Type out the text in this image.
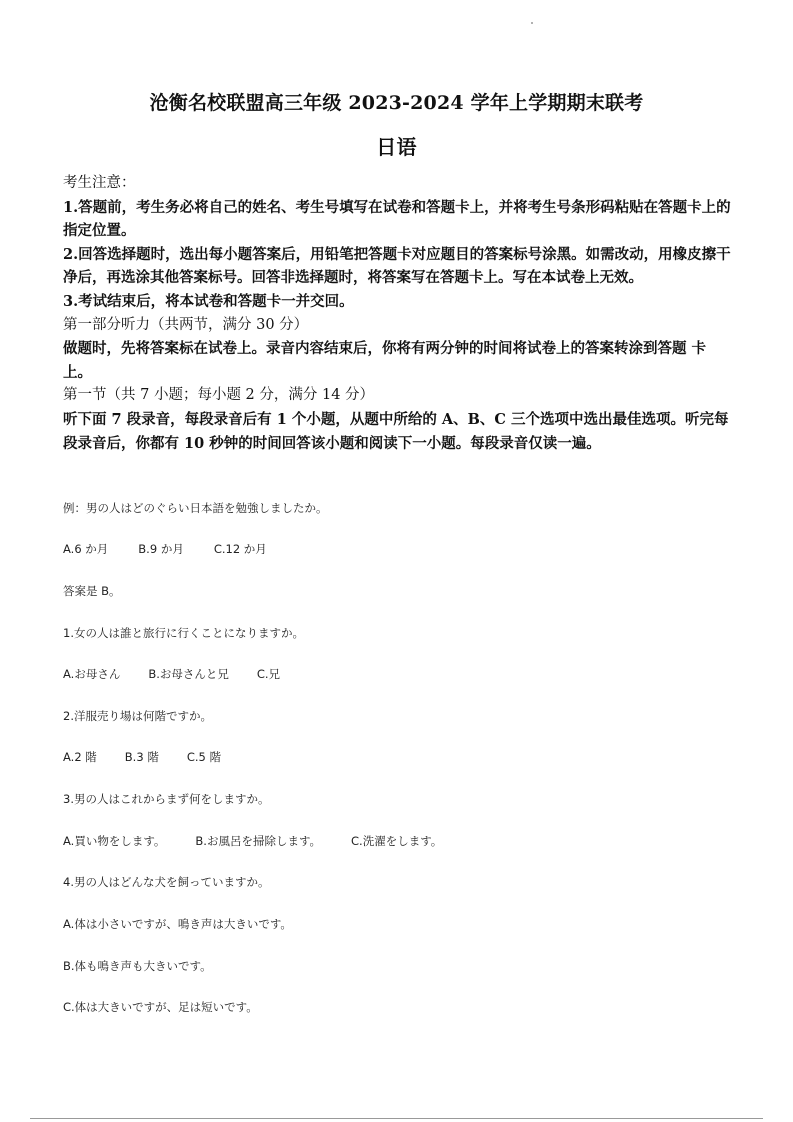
沧衡名校联盟高三年级 2023-2024 学年上学期期末联考
日语

考生注意：

1.答题前，考生务必将自己的姓名、考生号填写在试卷和答题卡上，并将考生号条形码粘贴在答题卡上的指定位置。

2.回答选择题时，选出每小题答案后，用铅笔把答题卡对应题目的答案标号涂黑。如需改动，用橡皮擦干净后，再选涂其他答案标号。回答非选择题时，将答案写在答题卡上。写在本试卷上无效。

3.考试结束后，将本试卷和答题卡一并交回。

第一部分听力（共两节，满分 30 分）

做题时，先将答案标在试卷上。录音内容结束后，你将有两分钟的时间将试卷上的答案转涂到答题 卡上。

第一节（共 7 小题；每小题 2 分，满分 14 分）

听下面 7 段录音，每段录音后有 1 个小题，从题中所给的 A、B、C 三个选项中选出最佳选项。听完每段录音后，你都有 10 秒钟的时间回答该小题和阅读下一小题。每段录音仅读一遍。

例：男の人はどのぐらい日本語を勉強しましたか。
A.6 か月	B.9 か月	C.12 か月
答案是 B。
1.女の人は誰と旅行に行くことになりますか。
A.お母さん B.お母さんと兄 C.兄
2.洋服売り場は何階ですか。
A.2 階 B.3 階 C.5 階
3.男の人はこれからまず何をしますか。
A.買い物をします。	B.お風呂を掃除します。	C.洗濯をします。
4.男の人はどんな犬を飼っていますか。
A.体は小さいですが、鳴き声は大きいです。
B.体も鳴き声も大きいです。
C.体は大きいですが、足は短いです。
